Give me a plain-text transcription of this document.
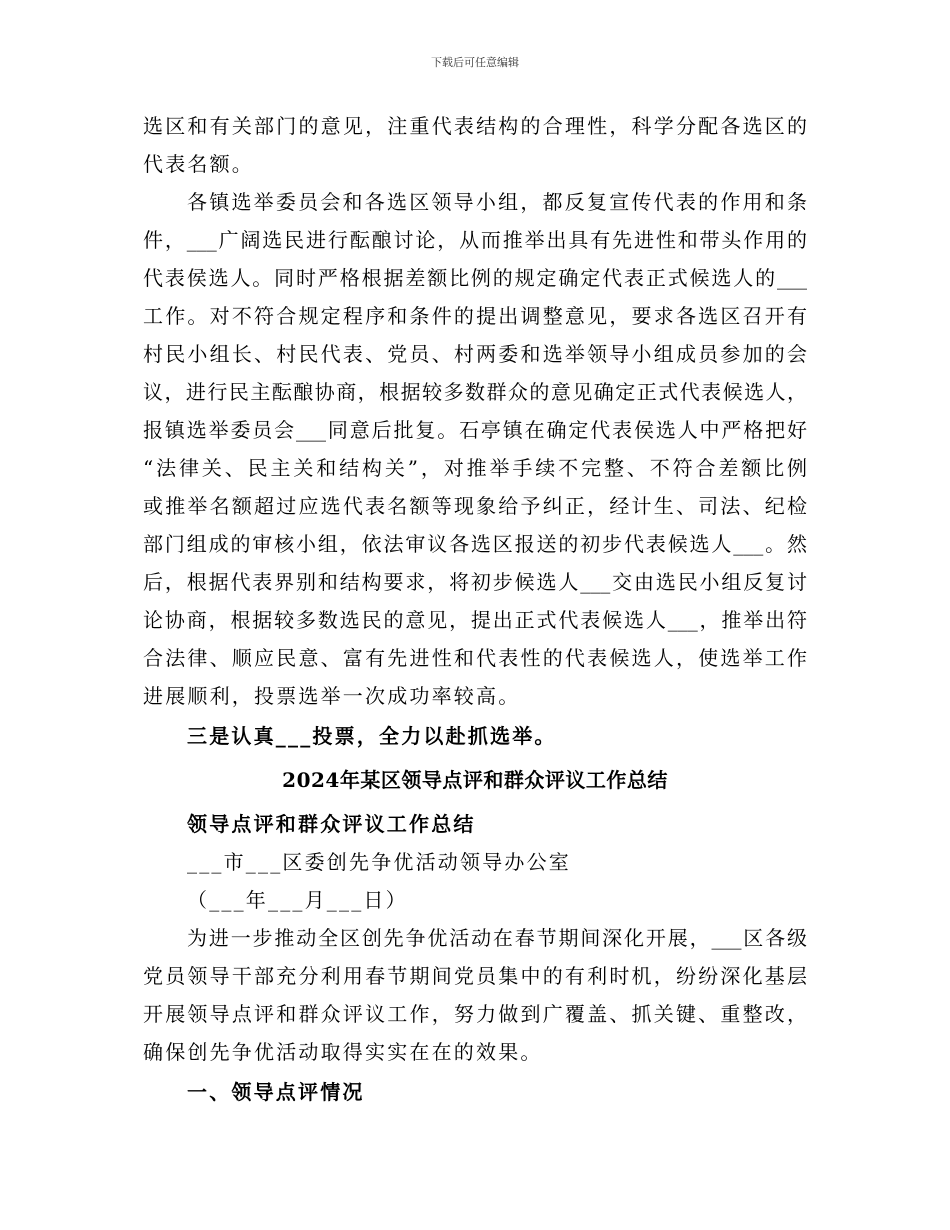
下载后可任意编辑
选区和有关部门的意见，注重代表结构的合理性，科学分配各选区的
代表名额。
各镇选举委员会和各选区领导小组，都反复宣传代表的作用和条
件，___广阔选民进行酝酿讨论，从而推举出具有先进性和带头作用的
代表侯选人。同时严格根据差额比例的规定确定代表正式候选人的___
工作。对不符合规定程序和条件的提出调整意见，要求各选区召开有
村民小组长、村民代表、党员、村两委和选举领导小组成员参加的会
议，进行民主酝酿协商，根据较多数群众的意见确定正式代表候选人，
报镇选举委员会___同意后批复。石亭镇在确定代表侯选人中严格把好
“法律关、民主关和结构关”，对推举手续不完整、不符合差额比例
或推举名额超过应选代表名额等现象给予纠正，经计生、司法、纪检
部门组成的审核小组，依法审议各选区报送的初步代表候选人___。然
后，根据代表界别和结构要求，将初步候选人___交由选民小组反复讨
论协商，根据较多数选民的意见，提出正式代表候选人___，推举出符
合法律、顺应民意、富有先进性和代表性的代表候选人，使选举工作
进展顺利，投票选举一次成功率较高。
三是认真___投票，全力以赴抓选举。
2024年某区领导点评和群众评议工作总结
领导点评和群众评议工作总结
___市___区委创先争优活动领导办公室
（___年___月___日）
为进一步推动全区创先争优活动在春节期间深化开展，___区各级
党员领导干部充分利用春节期间党员集中的有利时机，纷纷深化基层
开展领导点评和群众评议工作，努力做到广覆盖、抓关键、重整改，
确保创先争优活动取得实实在在的效果。
一、领导点评情况
